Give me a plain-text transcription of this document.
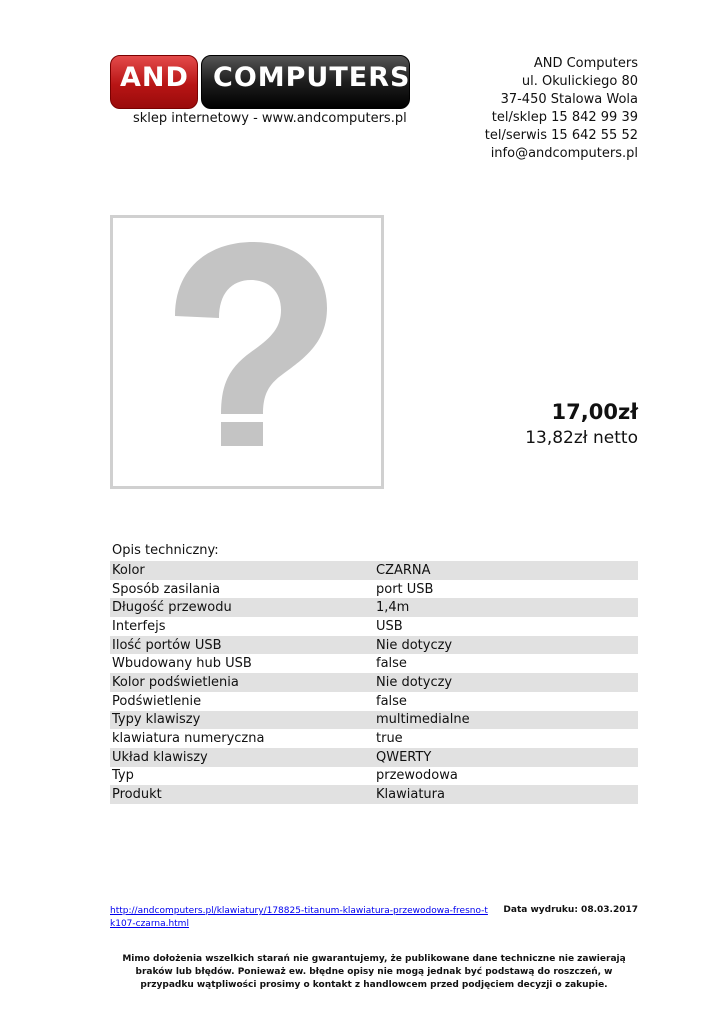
AND COMPUTERS
sklep internetowy - www.andcomputers.pl
AND Computers
ul. Okulickiego 80
37-450 Stalowa Wola
tel/sklep 15 842 99 39
tel/serwis 15 642 55 52
info@andcomputers.pl
17,00zł
13,82zł netto
Opis techniczny:
Kolor	CZARNA
Sposób zasilania	port USB
Długość przewodu	1,4m
Interfejs	USB
Ilość portów USB	Nie dotyczy
Wbudowany hub USB	false
Kolor podświetlenia	Nie dotyczy
Podświetlenie	false
Typy klawiszy	multimedialne
klawiatura numeryczna	true
Układ klawiszy	QWERTY
Typ	przewodowa
Produkt	Klawiatura
http://andcomputers.pl/klawiatury/178825-titanum-klawiatura-przewodowa-fresno-tk107-czarna.html
Data wydruku: 08.03.2017
Mimo dołożenia wszelkich starań nie gwarantujemy, że publikowane dane techniczne nie zawierają braków lub błędów. Ponieważ ew. błędne opisy nie mogą jednak być podstawą do roszczeń, w przypadku wątpliwości prosimy o kontakt z handlowcem przed podjęciem decyzji o zakupie.
